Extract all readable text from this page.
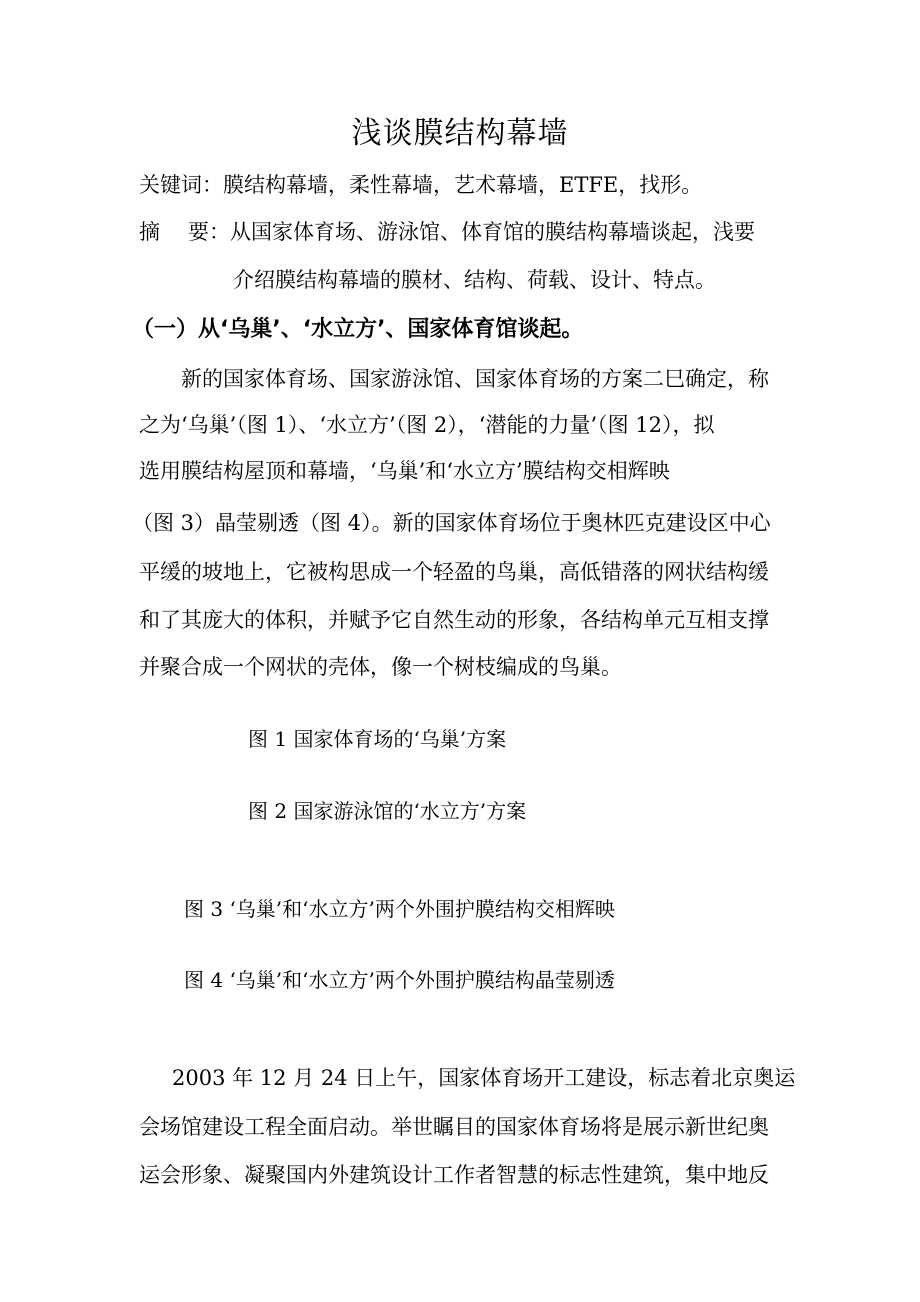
浅谈膜结构幕墙
关键词：膜结构幕墙，柔性幕墙，艺术幕墙，ETFE，找形。
摘 要：从国家体育场、游泳馆、体育馆的膜结构幕墙谈起，浅要
介绍膜结构幕墙的膜材、结构、荷载、设计、特点。
（一）从‘乌巢’、‘水立方’、国家体育馆谈起。
新的国家体育场、国家游泳馆、国家体育场的方案二巳确定，称
之为‘乌巢’（图 1）、‘水立方’（图 2），‘潜能的力量’（图 12），拟
选用膜结构屋顶和幕墙，‘乌巢’和‘水立方’膜结构交相辉映
（图 3）晶莹剔透（图 4）。新的国家体育场位于奥林匹克建设区中心
平缓的坡地上，它被构思成一个轻盈的鸟巢，高低错落的网状结构缓
和了其庞大的体积，并赋予它自然生动的形象，各结构单元互相支撑
并聚合成一个网状的壳体，像一个树枝编成的鸟巢。
图 1 国家体育场的‘乌巢’方案
图 2 国家游泳馆的‘水立方’方案
图 3 ‘乌巢’和‘水立方’两个外围护膜结构交相辉映
图 4 ‘乌巢’和‘水立方’两个外围护膜结构晶莹剔透
2003 年 12 月 24 日上午，国家体育场开工建设，标志着北京奥运
会场馆建设工程全面启动。举世瞩目的国家体育场将是展示新世纪奥
运会形象、凝聚国内外建筑设计工作者智慧的标志性建筑，集中地反
